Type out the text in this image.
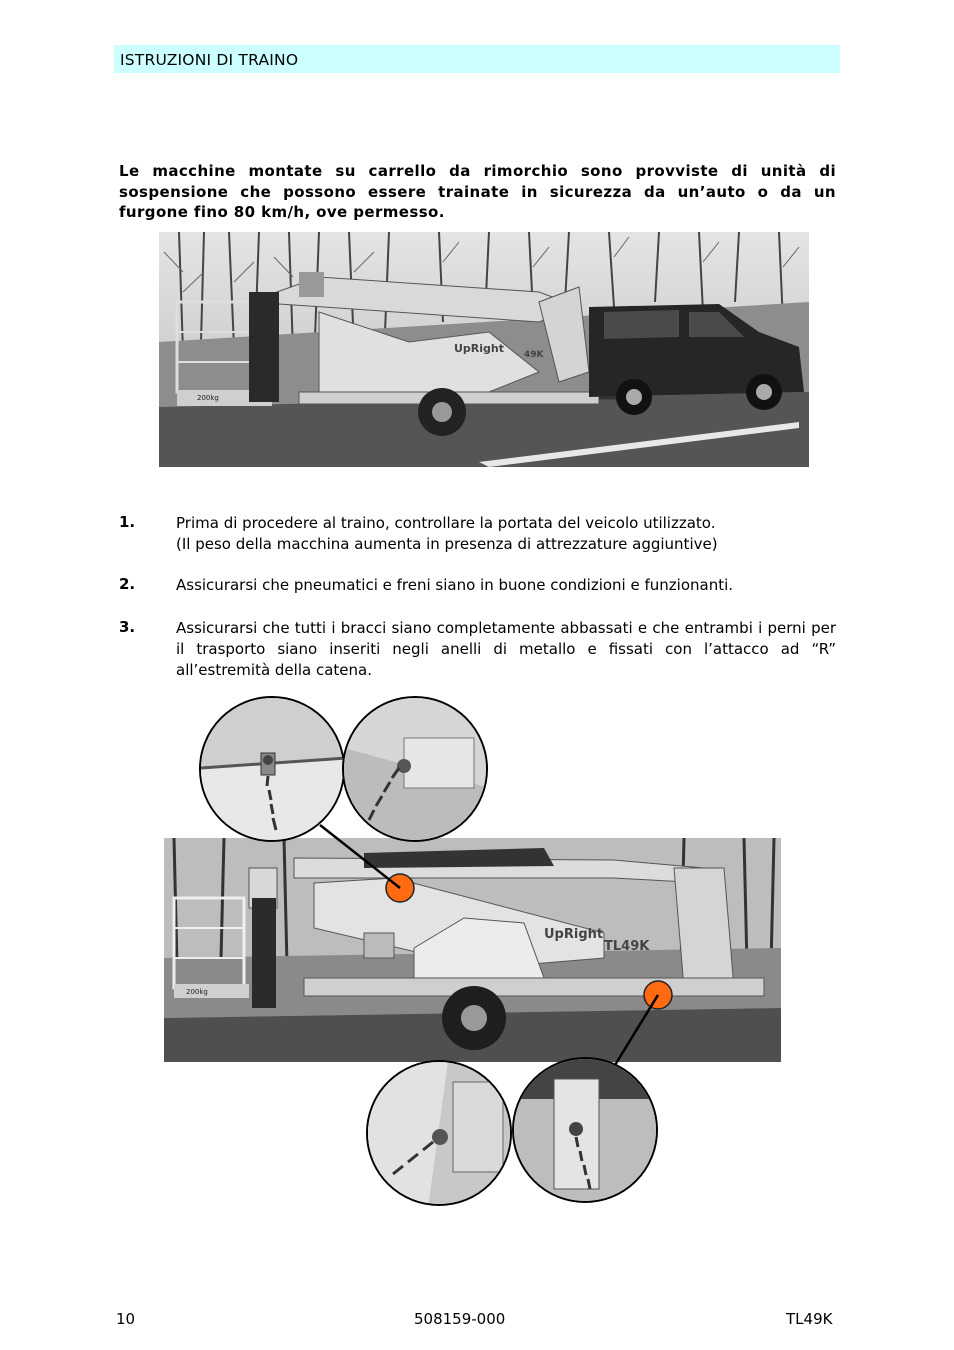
ISTRUZIONI DI TRAINO
Le macchine montate su carrello da rimorchio sono provviste di unità di sospensione che possono essere trainate in sicurezza da un’auto o da un furgone fino 80 km/h, ove permesso.
200kg
UpRight 49K
1.	Prima di procedere al traino, controllare la portata del veicolo utilizzato.
(Il peso della macchina aumenta in presenza di attrezzature aggiuntive)
2.	Assicurarsi che pneumatici e freni siano in buone condizioni e funzionanti.
3.	Assicurarsi che tutti i bracci siano completamente abbassati e che entrambi i perni per il trasporto siano inseriti negli anelli di metallo e fissati con l’attacco ad “R” all’estremità della catena.
200kg
UpRight
TL49K
10	508159-000	TL49K
